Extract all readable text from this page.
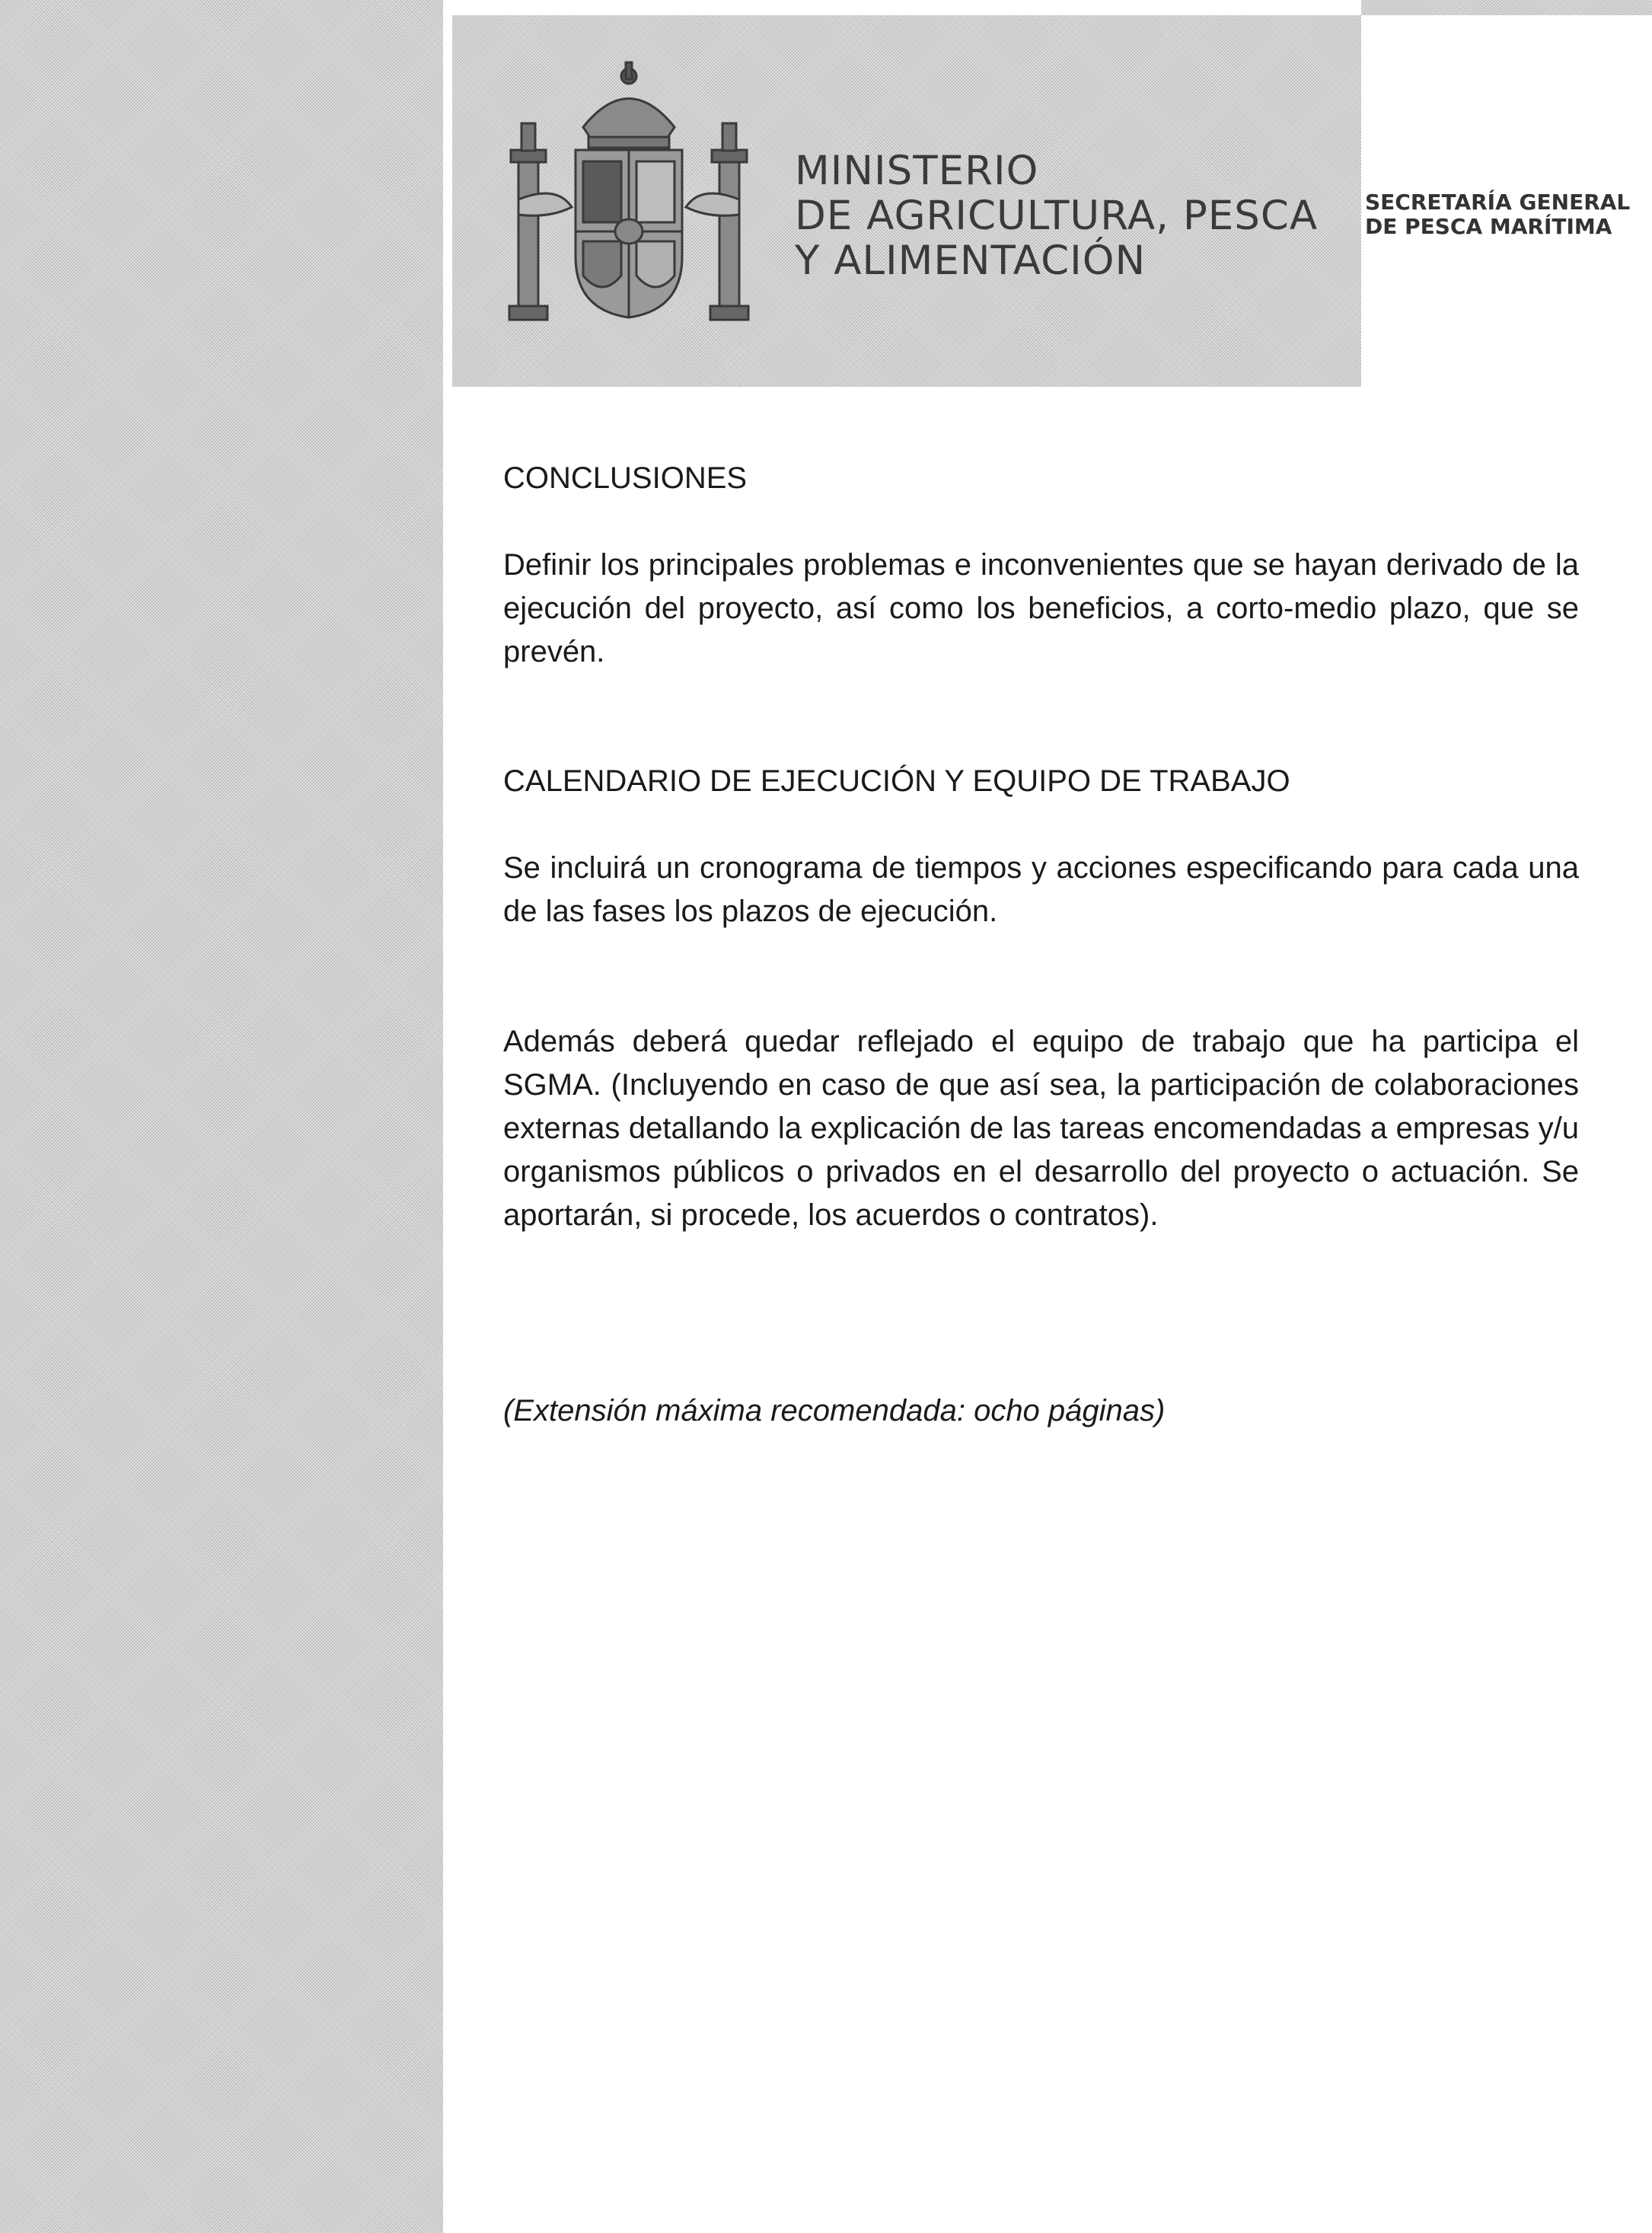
MINISTERIO
DE AGRICULTURA, PESCA
Y ALIMENTACIÓN
SECRETARÍA GENERAL
DE PESCA MARÍTIMA
CONCLUSIONES

Definir los principales problemas e inconvenientes que se hayan derivado de la ejecución del proyecto, así como los beneficios, a corto-medio plazo, que se prevén.

CALENDARIO DE EJECUCIÓN Y EQUIPO DE TRABAJO

Se incluirá un cronograma de tiempos y acciones especificando para cada una de las fases los plazos de ejecución.

Además deberá quedar reflejado el equipo de trabajo que ha participa el SGMA. (Incluyendo en caso de que así sea, la participación de colaboraciones externas detallando la explicación de las tareas encomendadas a empresas y/u organismos públicos o privados en el desarrollo del proyecto o actuación. Se aportarán, si procede, los acuerdos o contratos).

(Extensión máxima recomendada: ocho páginas)
